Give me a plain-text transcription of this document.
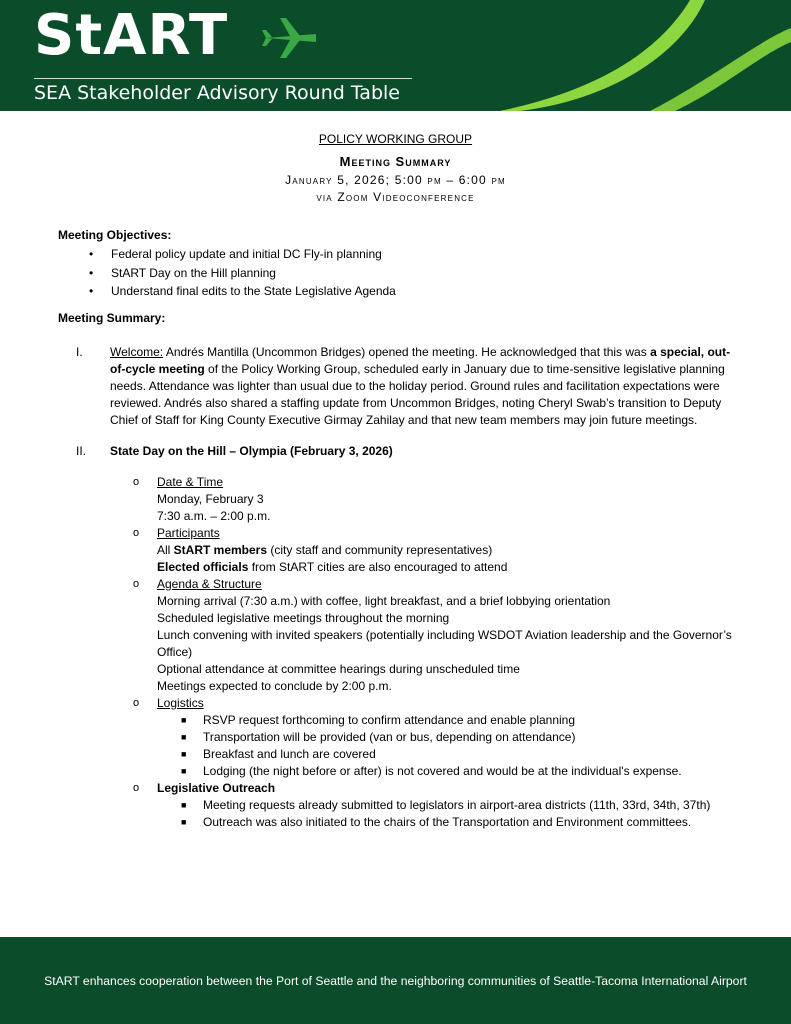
StART
SEA Stakeholder Advisory Round Table
POLICY WORKING GROUP
Meeting Summary
January 5, 2026; 5:00 pm – 6:00 pm
via Zoom Videoconference
Meeting Objectives:
• Federal policy update and initial DC Fly-in planning
• StART Day on the Hill planning
• Understand final edits to the State Legislative Agenda
Meeting Summary:
I. Welcome: Andrés Mantilla (Uncommon Bridges) opened the meeting. He acknowledged that this was a special, out-of-cycle meeting of the Policy Working Group, scheduled early in January due to time-sensitive legislative planning needs. Attendance was lighter than usual due to the holiday period. Ground rules and facilitation expectations were reviewed. Andrés also shared a staffing update from Uncommon Bridges, noting Cheryl Swab’s transition to Deputy Chief of Staff for King County Executive Girmay Zahilay and that new team members may join future meetings.
II. State Day on the Hill – Olympia (February 3, 2026)
o Date & Time
Monday, February 3
7:30 a.m. – 2:00 p.m.
o Participants
All StART members (city staff and community representatives)
Elected officials from StART cities are also encouraged to attend
o Agenda & Structure
Morning arrival (7:30 a.m.) with coffee, light breakfast, and a brief lobbying orientation
Scheduled legislative meetings throughout the morning
Lunch convening with invited speakers (potentially including WSDOT Aviation leadership and the Governor’s Office)
Optional attendance at committee hearings during unscheduled time
Meetings expected to conclude by 2:00 p.m.
o Logistics
■ RSVP request forthcoming to confirm attendance and enable planning
■ Transportation will be provided (van or bus, depending on attendance)
■ Breakfast and lunch are covered
■ Lodging (the night before or after) is not covered and would be at the individual's expense.
o Legislative Outreach
■ Meeting requests already submitted to legislators in airport-area districts (11th, 33rd, 34th, 37th)
■ Outreach was also initiated to the chairs of the Transportation and Environment committees.
StART enhances cooperation between the Port of Seattle and the neighboring communities of Seattle-Tacoma International Airport
